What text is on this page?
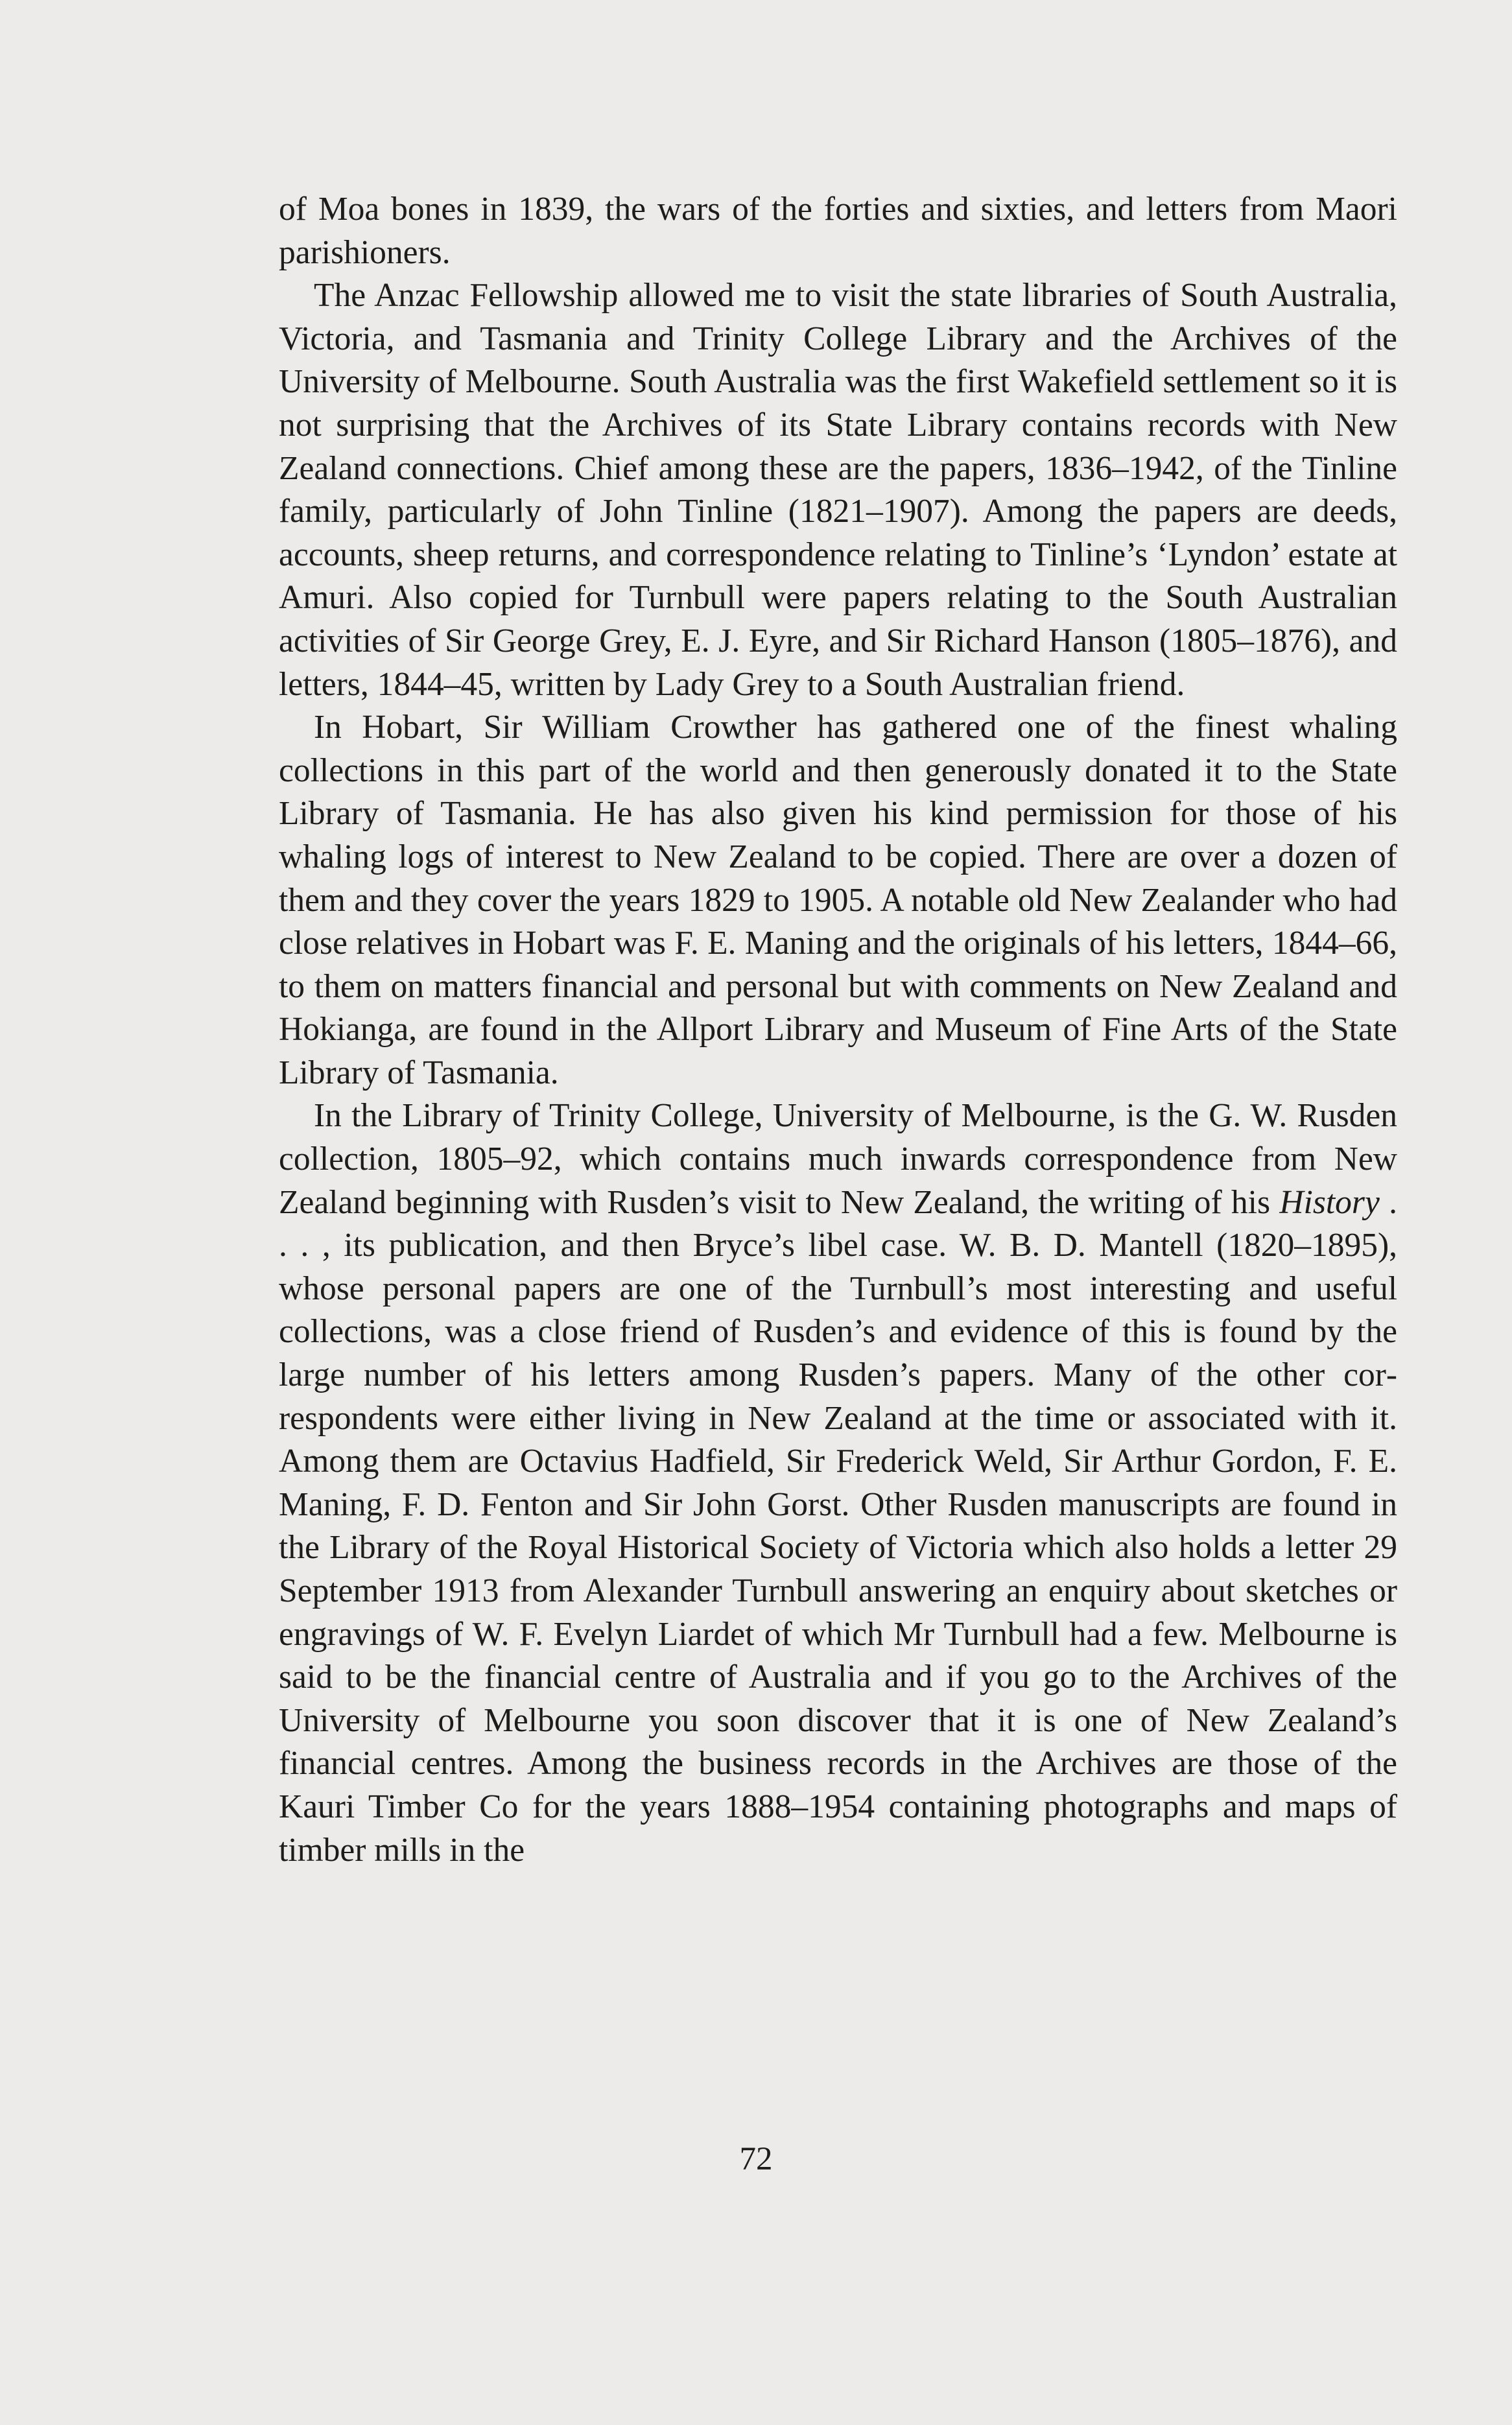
of Moa bones in 1839, the wars of the forties and sixties, and letters from Maori parishioners.

The Anzac Fellowship allowed me to visit the state libraries of South Australia, Victoria, and Tasmania and Trinity College Library and the Archives of the University of Melbourne. South Australia was the first Wakefield settlement so it is not surprising that the Archives of its State Library contains records with New Zealand connections. Chief among these are the papers, 1836–1942, of the Tinline family, particularly of John Tinline (1821–1907). Among the papers are deeds, accounts, sheep returns, and correspondence relating to Tinline’s ‘Lyndon’ estate at Amuri. Also copied for Turnbull were papers relating to the South Australian activities of Sir George Grey, E. J. Eyre, and Sir Richard Hanson (1805–1876), and letters, 1844–45, written by Lady Grey to a South Australian friend.

In Hobart, Sir William Crowther has gathered one of the finest whaling collections in this part of the world and then generously donated it to the State Library of Tasmania. He has also given his kind permission for those of his whaling logs of interest to New Zealand to be copied. There are over a dozen of them and they cover the years 1829 to 1905. A notable old New Zealander who had close relatives in Hobart was F. E. Maning and the originals of his letters, 1844–66, to them on matters financial and personal but with comments on New Zealand and Hokianga, are found in the Allport Library and Museum of Fine Arts of the State Library of Tasmania.

In the Library of Trinity College, University of Melbourne, is the G. W. Rusden collection, 1805–92, which contains much inwards correspondence from New Zealand beginning with Rusden’s visit to New Zealand, the writing of his History . . . , its publication, and then Bryce’s libel case. W. B. D. Mantell (1820–1895), whose personal papers are one of the Turnbull’s most interesting and useful collections, was a close friend of Rusden’s and evidence of this is found by the large number of his letters among Rusden’s papers. Many of the other correspondents were either living in New Zealand at the time or associated with it. Among them are Octavius Hadfield, Sir Frederick Weld, Sir Arthur Gordon, F. E. Maning, F. D. Fenton and Sir John Gorst. Other Rusden manuscripts are found in the Library of the Royal Historical Society of Victoria which also holds a letter 29 September 1913 from Alexander Turnbull answering an enquiry about sketches or engravings of W. F. Evelyn Liardet of which Mr Turnbull had a few. Melbourne is said to be the financial centre of Australia and if you go to the Archives of the University of Melbourne you soon discover that it is one of New Zealand’s financial centres. Among the business records in the Archives are those of the Kauri Timber Co for the years 1888–1954 containing photographs and maps of timber mills in the

72
